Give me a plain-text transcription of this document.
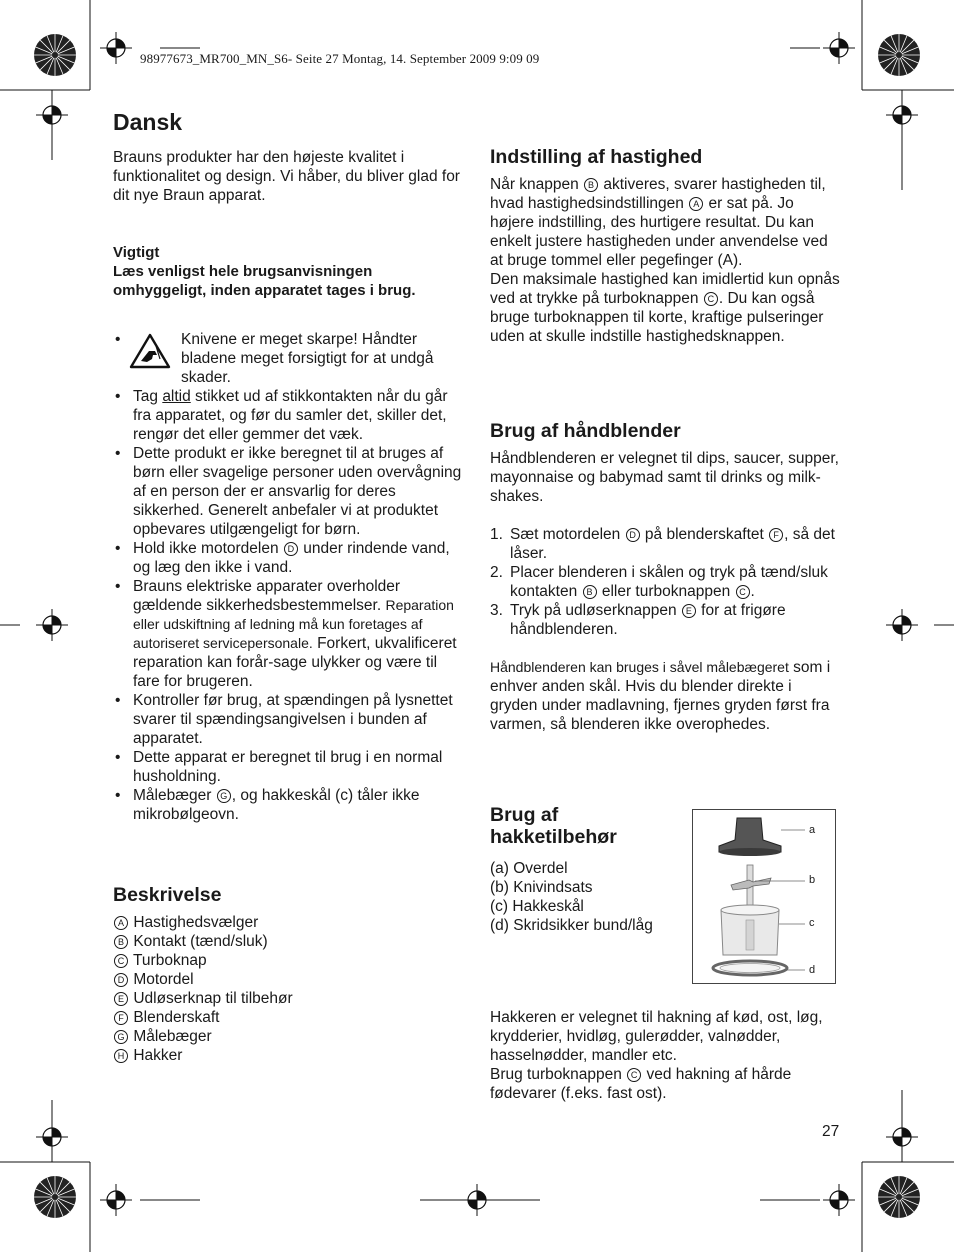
98977673_MR700_MN_S6- Seite 27 Montag, 14. September 2009 9:09 09
Dansk

Brauns produkter har den højeste kvalitet i funktionalitet og design. Vi håber, du bliver glad for dit nye Braun apparat.

Vigtigt

Læs venligst hele brugsanvisningen omhyggeligt, inden apparatet tages i brug.

• Knivene er meget skarpe! Håndter bladene meget forsigtigt for at undgå skader.
• Tag altid stikket ud af stikkontakten når du går fra apparatet, og før du samler det, skiller det, rengør det eller gemmer det væk.
• Dette produkt er ikke beregnet til at bruges af børn eller svagelige personer uden overvågning af en person der er ansvarlig for deres sikkerhed. Generelt anbefaler vi at produktet opbevares utilgængeligt for børn.
• Hold ikke motordelen D under rindende vand, og læg den ikke i vand.
• Brauns elektriske apparater overholder gældende sikkerhedsbestemmelser. Reparation eller udskiftning af ledning må kun foretages af autoriseret servicepersonale. Forkert, ukvalificeret reparation kan forår-sage ulykker og være til fare for brugeren.
• Kontroller før brug, at spændingen på lysnettet svarer til spændingsangivelsen i bunden af apparatet.
• Dette apparat er beregnet til brug i en normal husholdning.
• Målebæger G , og hakkeskål (c) tåler ikke mikrobølgeovn.
Beskrivelse
A Hastighedsvælger
B Kontakt (tænd/sluk)
C Turboknap
D Motordel
E Udløserknap til tilbehør
F Blenderskaft
G Målebæger
H Hakker
Indstilling af hastighed

Når knappen B aktiveres, svarer hastigheden til, hvad hastighedsindstillingen A er sat på. Jo højere indstilling, des hurtigere resultat. Du kan enkelt justere hastigheden under anvendelse ved at bruge tommel eller pegefinger (A).

Den maksimale hastighed kan imidlertid kun opnås ved at trykke på turboknappen C . Du kan også bruge turboknappen til korte, kraftige pulseringer uden at skulle indstille hastighedsknappen.

Brug af håndblender

Håndblenderen er velegnet til dips, saucer, supper, mayonnaise og babymad samt til drinks og milk-

shakes.

1. Sæt motordelen D på blenderskaftet F , så det låser.
2. Placer blenderen i skålen og tryk på tænd/sluk kontakten B eller turboknappen C .
3. Tryk på udløserknappen E for at frigøre håndblenderen.

Håndblenderen kan bruges i såvel målebægeret som i enhver anden skål. Hvis du blender direkte i gryden under madlavning, fjernes gryden først fra varmen, så blenderen ikke overophedes.

Brug af
hakketilbehør
(a) Overdel
(b) Knivindsats
(c) Hakkeskål
(d) Skridsikker bund/låg
a
b
c
d

Hakkeren er velegnet til hakning af kød, ost, løg, krydderier, hvidløg, gulerødder, valnødder, hasselnødder, mandler etc.

Brug turboknappen C ved hakning af hårde fødevarer (f.eks. fast ost).

27
